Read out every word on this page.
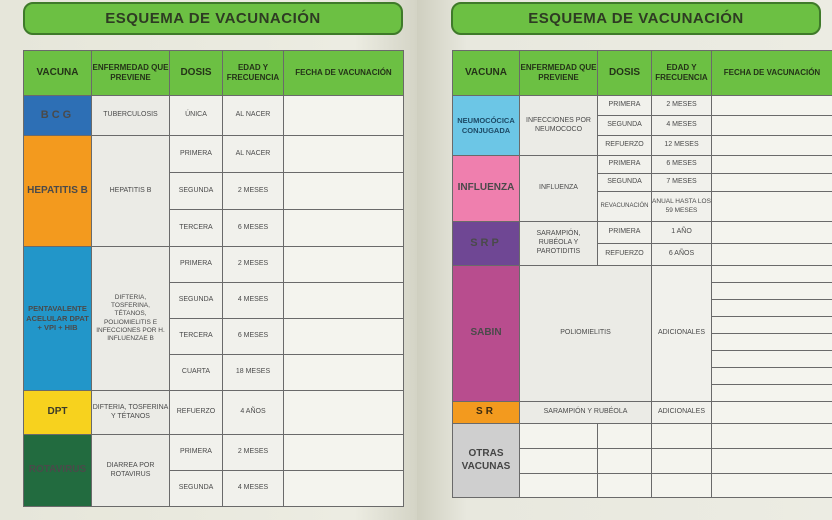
ESQUEMA DE VACUNACIÓN
VACUNA	ENFERMEDAD QUE PREVIENE	DOSIS	EDAD Y FRECUENCIA	FECHA DE VACUNACIÓN
BCG	TUBERCULOSIS	ÚNICA	AL NACER	
HEPATITIS B	HEPATITIS B	PRIMERA	AL NACER	
		SEGUNDA	2 MESES	
		TERCERA	6 MESES	
PENTAVALENTE ACELULAR DPAT + VPI + HIB	DIFTERIA, TOSFERINA, TÉTANOS, POLIOMIELITIS E INFECCIONES POR H. INFLUENZAE B	PRIMERA	2 MESES	
		SEGUNDA	4 MESES	
		TERCERA	6 MESES	
		CUARTA	18 MESES	
DPT	DIFTERIA, TOSFERINA Y TÉTANOS	REFUERZO	4 AÑOS	
ROTAVIRUS	DIARREA POR ROTAVIRUS	PRIMERA	2 MESES	
		SEGUNDA	4 MESES	
ESQUEMA DE VACUNACIÓN
VACUNA	ENFERMEDAD QUE PREVIENE	DOSIS	EDAD Y FRECUENCIA	FECHA DE VACUNACIÓN
NEUMOCÓCICA CONJUGADA	INFECCIONES POR NEUMOCOCO	PRIMERA	2 MESES	
		SEGUNDA	4 MESES	
		REFUERZO	12 MESES	
INFLUENZA	INFLUENZA	PRIMERA	6 MESES	
		SEGUNDA	7 MESES	
		REVACUNACIÓN	ANUAL HASTA LOS 59 MESES	
SRP	SARAMPIÓN, RUBÉOLA Y PAROTIDITIS	PRIMERA	1 AÑO	
		REFUERZO	6 AÑOS	
SABIN	POLIOMIELITIS		ADICIONALES	

SR	SARAMPIÓN Y RUBÉOLA		ADICIONALES	
OTRAS VACUNAS				
